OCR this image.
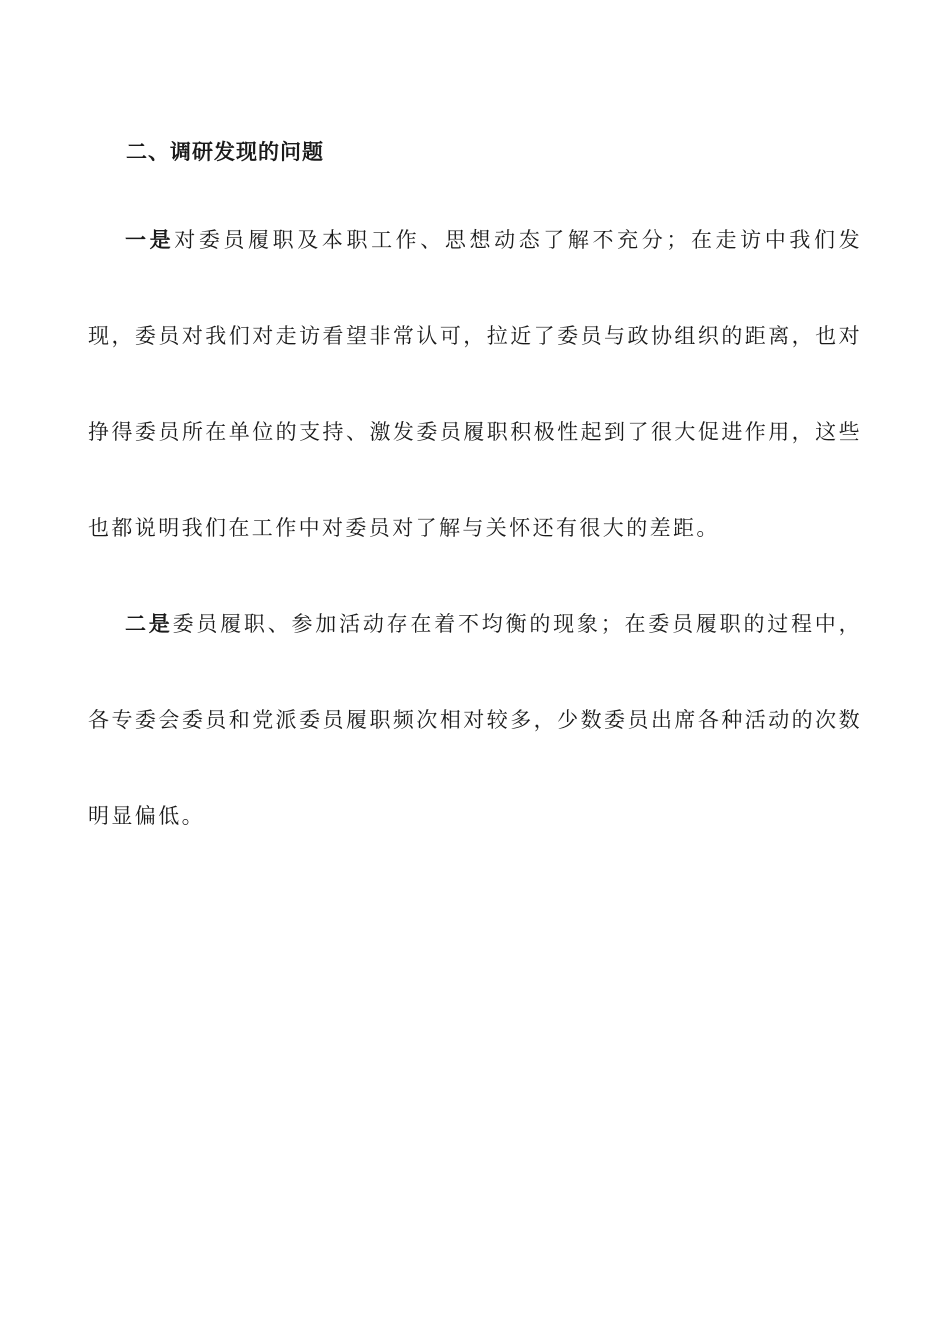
二、调研发现的问题

一是对委员履职及本职工作、思想动态了解不充分；在走访中我们发现，委员对我们对走访看望非常认可，拉近了委员与政协组织的距离，也对挣得委员所在单位的支持、激发委员履职积极性起到了很大促进作用，这些也都说明我们在工作中对委员对了解与关怀还有很大的差距。

二是委员履职、参加活动存在着不均衡的现象；在委员履职的过程中，各专委会委员和党派委员履职频次相对较多，少数委员出席各种活动的次数明显偏低。
